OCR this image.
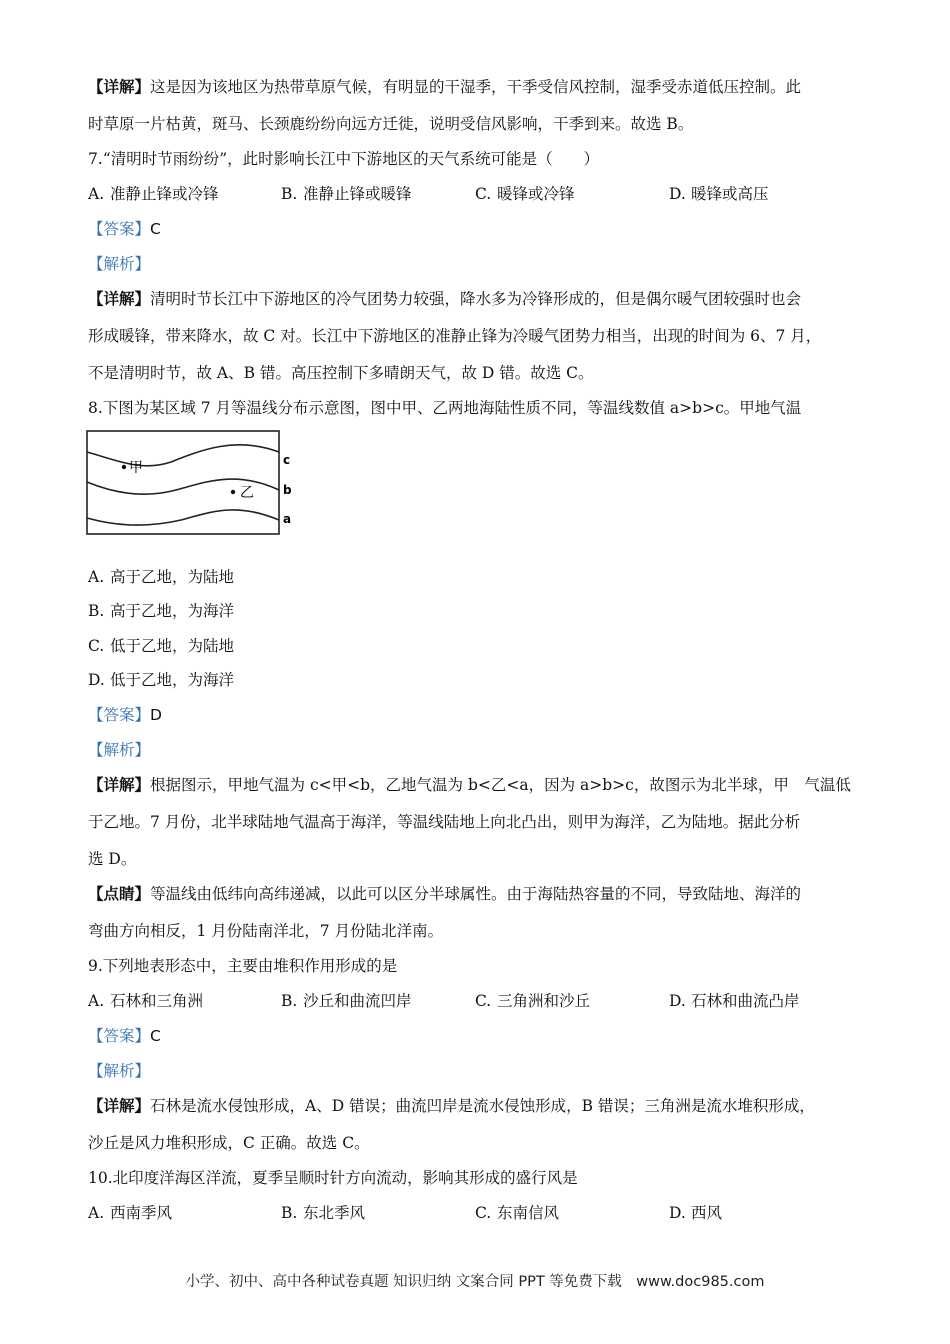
【详解】这是因为该地区为热带草原气候，有明显的干湿季，干季受信风控制，湿季受赤道低压控制。此
时草原一片枯黄，斑马、长颈鹿纷纷向远方迁徙，说明受信风影响，干季到来。故选 B。
7.“清明时节雨纷纷”，此时影响长江中下游地区的天气系统可能是（　　）
A. 准静止锋或冷锋	B. 准静止锋或暖锋	C. 暖锋或冷锋	D. 暖锋或高压
【答案】C
【解析】
【详解】清明时节长江中下游地区的冷气团势力较强，降水多为冷锋形成的，但是偶尔暖气团较强时也会
形成暖锋，带来降水，故 C 对。长江中下游地区的准静止锋为冷暖气团势力相当，出现的时间为 6、7 月，
不是清明时节，故 A、B 错。高压控制下多晴朗天气，故 D 错。故选 C。
8.下图为某区域 7 月等温线分布示意图，图中甲、乙两地海陆性质不同，等温线数值 a>b>c。甲地气温
甲
乙
c
b
a
A. 高于乙地，为陆地
B. 高于乙地，为海洋
C. 低于乙地，为陆地
D. 低于乙地，为海洋
【答案】D
【解析】
【详解】根据图示，甲地气温为 c<甲<b，乙地气温为 b<乙<a，因为 a>b>c，故图示为北半球，甲　气温低
于乙地。7 月份，北半球陆地气温高于海洋，等温线陆地上向北凸出，则甲为海洋，乙为陆地。据此分析
选 D。
【点睛】等温线由低纬向高纬递减，以此可以区分半球属性。由于海陆热容量的不同，导致陆地、海洋的
弯曲方向相反，1 月份陆南洋北，7 月份陆北洋南。
9.下列地表形态中，主要由堆积作用形成的是
A. 石林和三角洲	B. 沙丘和曲流凹岸	C. 三角洲和沙丘	D. 石林和曲流凸岸
【答案】C
【解析】
【详解】石林是流水侵蚀形成，A、D 错误；曲流凹岸是流水侵蚀形成，B 错误；三角洲是流水堆积形成，
沙丘是风力堆积形成，C 正确。故选 C。
10.北印度洋海区洋流，夏季呈顺时针方向流动，影响其形成的盛行风是
A. 西南季风	B. 东北季风	C. 东南信风	D. 西风
小学、初中、高中各种试卷真题 知识归纳 文案合同 PPT 等免费下载　www.doc985.com
